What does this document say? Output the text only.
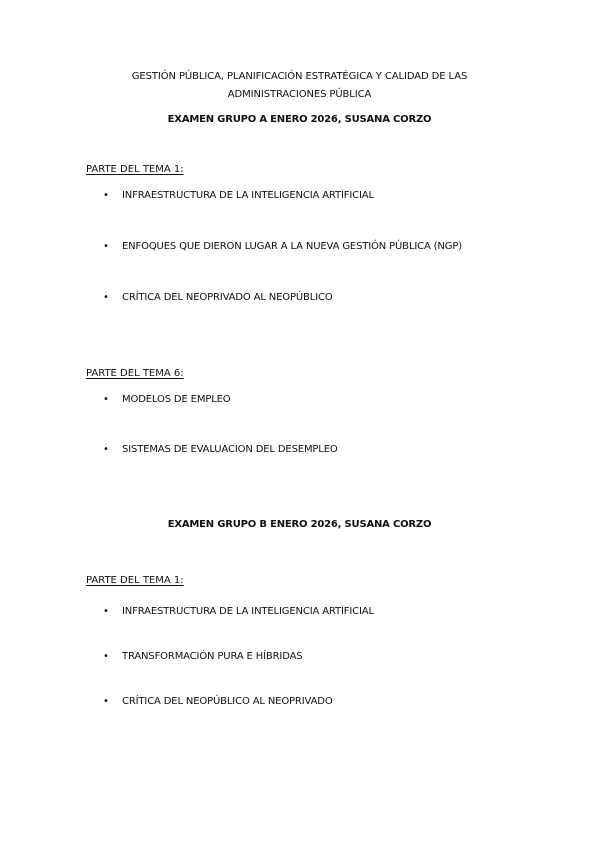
GESTIÓN PÚBLICA, PLANIFICACIÓN ESTRATÉGICA Y CALIDAD DE LAS
ADMINISTRACIONES PÚBLICA
EXAMEN GRUPO A ENERO 2026, SUSANA CORZO
PARTE DEL TEMA 1:
• INFRAESTRUCTURA DE LA INTELIGENCIA ARTIFICIAL
• ENFOQUES QUE DIERON LUGAR A LA NUEVA GESTIÓN PÚBLICA (NGP)
• CRÍTICA DEL NEOPRIVADO AL NEOPÚBLICO
PARTE DEL TEMA 6:
• MODELOS DE EMPLEO
• SISTEMAS DE EVALUACION DEL DESEMPLEO
EXAMEN GRUPO B ENERO 2026, SUSANA CORZO
PARTE DEL TEMA 1:
• INFRAESTRUCTURA DE LA INTELIGENCIA ARTIFICIAL
• TRANSFORMACIÓN PURA E HÍBRIDAS
• CRÍTICA DEL NEOPÚBLICO AL NEOPRIVADO
